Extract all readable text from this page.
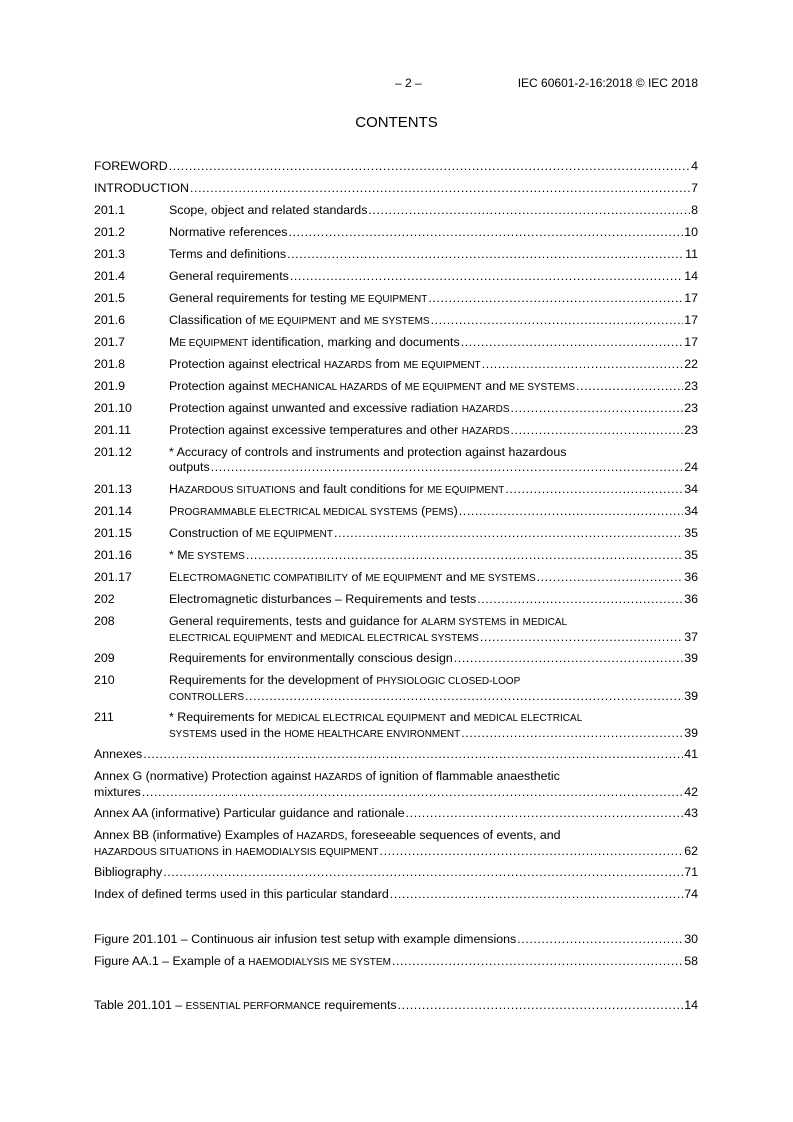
– 2 –	IEC 60601-2-16:2018 © IEC 2018
CONTENTS
FOREWORD .....	4
INTRODUCTION .....	7
201.1	Scope, object and related standards .....	8
201.2	Normative references .....	10
201.3	Terms and definitions .....	11
201.4	General requirements .....	14
201.5	General requirements for testing ME EQUIPMENT .....	17
201.6	Classification of ME EQUIPMENT and ME SYSTEMS .....	17
201.7	ME EQUIPMENT identification, marking and documents .....	17
201.8	Protection against electrical HAZARDS from ME EQUIPMENT .....	22
201.9	Protection against MECHANICAL HAZARDS of ME EQUIPMENT and ME SYSTEMS .....	23
201.10	Protection against unwanted and excessive radiation HAZARDS .....	23
201.11	Protection against excessive temperatures and other HAZARDS .....	23
201.12	* Accuracy of controls and instruments and protection against hazardous
outputs .....	24
201.13	HAZARDOUS SITUATIONS and fault conditions for ME EQUIPMENT .....	34
201.14	PROGRAMMABLE ELECTRICAL MEDICAL SYSTEMS (PEMS) .....	34
201.15	Construction of ME EQUIPMENT .....	35
201.16	* ME SYSTEMS .....	35
201.17	ELECTROMAGNETIC COMPATIBILITY of ME EQUIPMENT and ME SYSTEMS .....	36
202	Electromagnetic disturbances – Requirements and tests .....	36
208	General requirements, tests and guidance for ALARM SYSTEMS in MEDICAL
ELECTRICAL EQUIPMENT and MEDICAL ELECTRICAL SYSTEMS .....	37
209	Requirements for environmentally conscious design .....	39
210	Requirements for the development of PHYSIOLOGIC CLOSED-LOOP
CONTROLLERS .....	39
211	* Requirements for MEDICAL ELECTRICAL EQUIPMENT and MEDICAL ELECTRICAL
SYSTEMS used in the HOME HEALTHCARE ENVIRONMENT .....	39
Annexes .....	41
Annex G (normative) Protection against HAZARDS of ignition of flammable anaesthetic
mixtures .....	42
Annex AA (informative) Particular guidance and rationale .....	43
Annex BB (informative) Examples of HAZARDS, foreseeable sequences of events, and
HAZARDOUS SITUATIONS in HAEMODIALYSIS EQUIPMENT .....	62
Bibliography .....	71
Index of defined terms used in this particular standard .....	74
Figure 201.101 – Continuous air infusion test setup with example dimensions .....	30
Figure AA.1 – Example of a HAEMODIALYSIS ME SYSTEM .....	58
Table 201.101 – ESSENTIAL PERFORMANCE requirements .....	14
